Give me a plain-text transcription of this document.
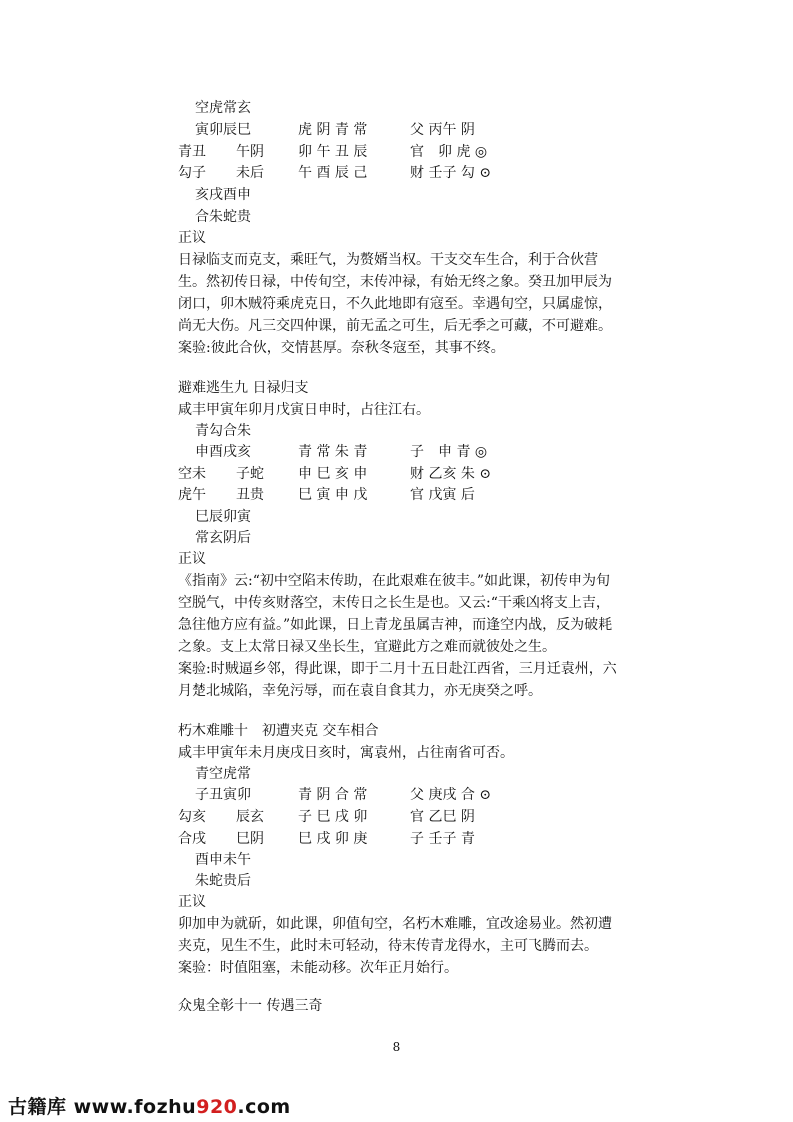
空虎常玄
寅卯辰巳	虎 阴 青 常	父 丙午 阴
青丑 午阴 卯 午 丑 辰	官　卯 虎 ◎
勾子 未后 午 酉 辰 己	财 壬子 勾 ⊙
亥戌酉申
合朱蛇贵
正议

日禄临支而克支，乘旺气，为赘婿当权。干支交车生合，利于合伙营生。然初传日禄，中传旬空，末传冲禄，有始无终之象。癸丑加甲辰为闭口，卯木贼符乘虎克日，不久此地即有寇至。幸遇旬空，只属虚惊，尚无大伤。凡三交四仲课，前无孟之可生，后无季之可藏，不可避难。

案验:彼此合伙，交情甚厚。奈秋冬寇至，其事不终。

避难逃生九 日禄归支
咸丰甲寅年卯月戊寅日申时，占往江右。
青勾合朱
申酉戌亥	青 常 朱 青	子　申 青 ◎
空未 子蛇 申 巳 亥 申	财 乙亥 朱 ⊙
虎午 丑贵 巳 寅 申 戊	官 戊寅 后
巳辰卯寅
常玄阴后
正议

《指南》云:“初中空陷末传助，在此艰难在彼丰。”如此课，初传申为旬空脱气，中传亥财落空，末传日之长生是也。又云:“干乘凶将支上吉，急往他方应有益。”如此课，日上青龙虽属吉神，而逢空内战，反为破耗之象。支上太常日禄又坐长生，宜避此方之难而就彼处之生。

案验:时贼逼乡邻，得此课，即于二月十五日赴江西省，三月迁袁州，六月楚北城陷，幸免污辱，而在袁自食其力，亦无庚癸之呼。

朽木难雕十　初遭夹克 交车相合
咸丰甲寅年未月庚戌日亥时，寓袁州，占往南省可否。
青空虎常
子丑寅卯	青 阴 合 常	父 庚戌 合 ⊙
勾亥 辰玄 子 巳 戌 卯	官 乙巳 阴
合戌 巳阴 巳 戌 卯 庚	子 壬子 青
酉申未午
朱蛇贵后
正议

卯加申为就斫，如此课，卯值旬空，名朽木难雕，宜改途易业。然初遭夹克，见生不生，此时未可轻动，待末传青龙得水，主可飞腾而去。

案验：时值阻塞，未能动移。次年正月始行。

众鬼全彰十一 传遇三奇
8
古籍库 www.fozhu920.com
